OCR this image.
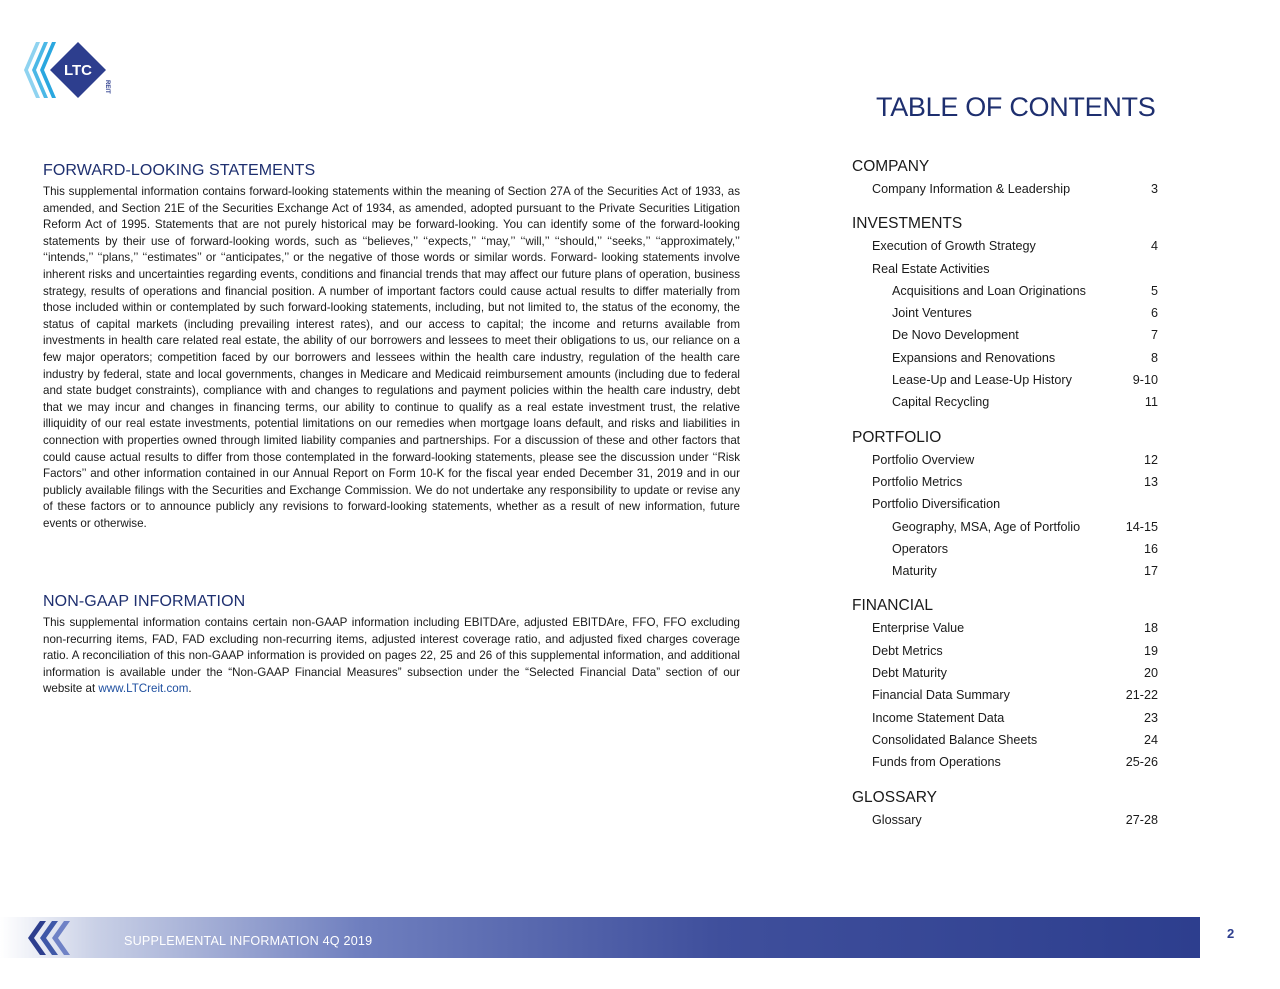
LTC
REIT
TABLE OF CONTENTS
FORWARD-LOOKING STATEMENTS

This supplemental information contains forward-looking statements within the meaning of Section 27A of the Securities Act of 1933, as amended, and Section 21E of the Securities Exchange Act of 1934, as amended, adopted pursuant to the Private Securities Litigation Reform Act of 1995. Statements that are not purely historical may be forward-looking. You can identify some of the forward-looking statements by their use of forward-looking words, such as ‘‘believes,’’ ‘‘expects,’’ ‘‘may,’’ ‘‘will,’’ ‘‘should,’’ ‘‘seeks,’’ ‘‘approximately,’’ ‘‘intends,’’ ‘‘plans,’’ ‘‘estimates’’ or ‘‘anticipates,’’ or the negative of those words or similar words. Forward- looking statements involve inherent risks and uncertainties regarding events, conditions and financial trends that may affect our future plans of operation, business strategy, results of operations and financial position. A number of important factors could cause actual results to differ materially from those included within or contemplated by such forward-looking statements, including, but not limited to, the status of the economy, the status of capital markets (including prevailing interest rates), and our access to capital; the income and returns available from investments in health care related real estate, the ability of our borrowers and lessees to meet their obligations to us, our reliance on a few major operators; competition faced by our borrowers and lessees within the health care industry, regulation of the health care industry by federal, state and local governments, changes in Medicare and Medicaid reimbursement amounts (including due to federal and state budget constraints), compliance with and changes to regulations and payment policies within the health care industry, debt that we may incur and changes in financing terms, our ability to continue to qualify as a real estate investment trust, the relative illiquidity of our real estate investments, potential limitations on our remedies when mortgage loans default, and risks and liabilities in connection with properties owned through limited liability companies and partnerships. For a discussion of these and other factors that could cause actual results to differ from those contemplated in the forward-looking statements, please see the discussion under ‘‘Risk Factors’’ and other information contained in our Annual Report on Form 10-K for the fiscal year ended December 31, 2019 and in our publicly available filings with the Securities and Exchange Commission. We do not undertake any responsibility to update or revise any of these factors or to announce publicly any revisions to forward-looking statements, whether as a result of new information, future events or otherwise.

NON-GAAP INFORMATION

This supplemental information contains certain non-GAAP information including EBITDAre, adjusted EBITDAre, FFO, FFO excluding non-recurring items, FAD, FAD excluding non-recurring items, adjusted interest coverage ratio, and adjusted fixed charges coverage ratio. A reconciliation of this non-GAAP information is provided on pages 22, 25 and 26 of this supplemental information, and additional information is available under the “Non-GAAP Financial Measures” subsection under the “Selected Financial Data” section of our website at www.LTCreit.com.

COMPANY
Company Information & Leadership	3
INVESTMENTS
Execution of Growth Strategy	4
Real Estate Activities
Acquisitions and Loan Originations	5
Joint Ventures	6
De Novo Development	7
Expansions and Renovations	8
Lease-Up and Lease-Up History	9-10
Capital Recycling	11
PORTFOLIO
Portfolio Overview	12
Portfolio Metrics	13
Portfolio Diversification
Geography, MSA, Age of Portfolio	14-15
Operators	16
Maturity	17
FINANCIAL
Enterprise Value	18
Debt Metrics	19
Debt Maturity	20
Financial Data Summary	21-22
Income Statement Data	23
Consolidated Balance Sheets	24
Funds from Operations	25-26
GLOSSARY
Glossary	27-28
SUPPLEMENTAL INFORMATION 4Q 2019	2
